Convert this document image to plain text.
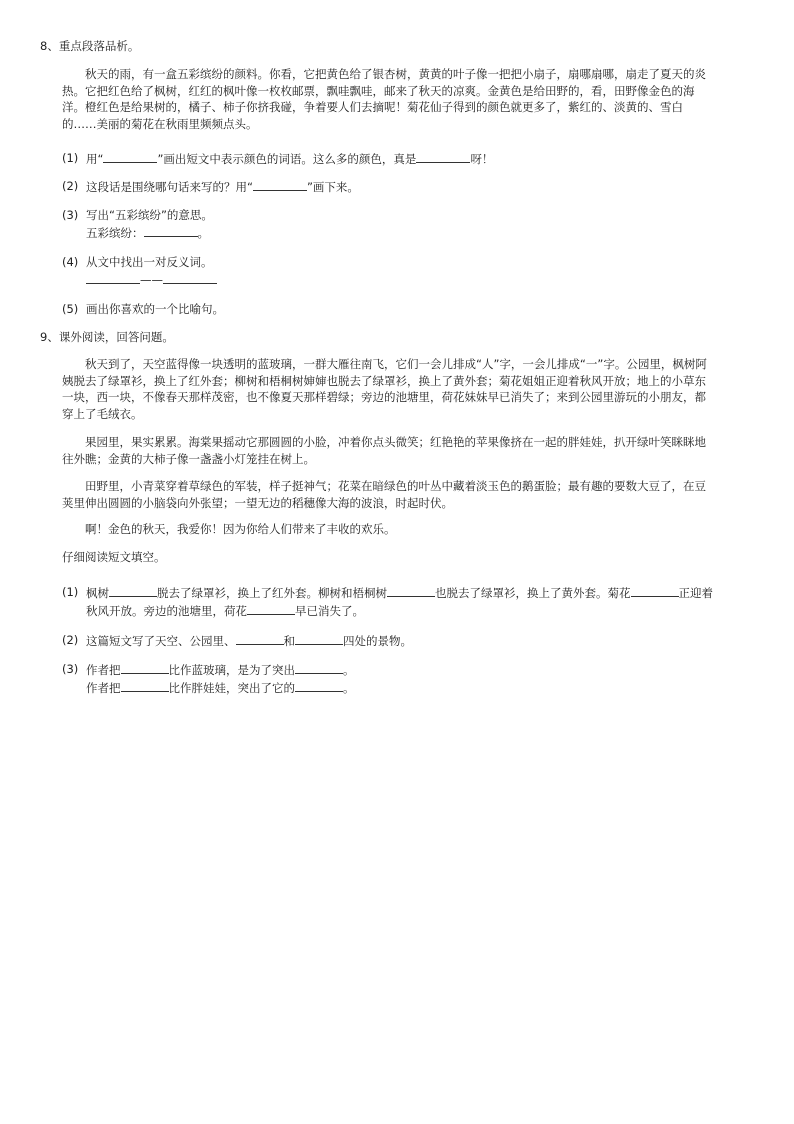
8、重点段落品析。
秋天的雨，有一盒五彩缤纷的颜料。你看，它把黄色给了银杏树，黄黄的叶子像一把把小扇子，扇哪扇哪，扇走了夏天的炎热。它把红色给了枫树，红红的枫叶像一枚枚邮票，飘哇飘哇，邮来了秋天的凉爽。金黄色是给田野的，看，田野像金色的海洋。橙红色是给果树的，橘子、柿子你挤我碰，争着要人们去摘呢！菊花仙子得到的颜色就更多了，紫红的、淡黄的、雪白的……美丽的菊花在秋雨里频频点头。
(1) 用“	”画出短文中表示颜色的词语。这么多的颜色，真是	呀！
(2) 这段话是围绕哪句话来写的？用“	”画下来。
(3) 写出“五彩缤纷”的意思。
五彩缤纷：	。
(4) 从文中找出一对反义词。
——
(5) 画出你喜欢的一个比喻句。
9、课外阅读，回答问题。
秋天到了，天空蓝得像一块透明的蓝玻璃，一群大雁往南飞，它们一会儿排成“人”字，一会儿排成“一”字。公园里，枫树阿姨脱去了绿罩衫，换上了红外套；柳树和梧桐树婶婶也脱去了绿罩衫，换上了黄外套；菊花姐姐正迎着秋风开放；地上的小草东一块，西一块，不像春天那样茂密，也不像夏天那样碧绿；旁边的池塘里，荷花妹妹早已消失了；来到公园里游玩的小朋友，都穿上了毛绒衣。
果园里，果实累累。海棠果摇动它那圆圆的小脸，冲着你点头微笑；红艳艳的苹果像挤在一起的胖娃娃，扒开绿叶笑眯眯地往外瞧；金黄的大柿子像一盏盏小灯笼挂在树上。
田野里，小青菜穿着草绿色的军装，样子挺神气；花菜在暗绿色的叶丛中藏着淡玉色的鹅蛋脸；最有趣的要数大豆了，在豆荚里伸出圆圆的小脑袋向外张望；一望无边的稻穗像大海的波浪，时起时伏。
啊！金色的秋天，我爱你！因为你给人们带来了丰收的欢乐。
仔细阅读短文填空。
(1) 枫树	脱去了绿罩衫，换上了红外套。柳树和梧桐树	也脱去了绿罩衫，换上了黄外套。菊花	正迎着秋风开放。旁边的池塘里，荷花	早已消失了。
(2) 这篇短文写了天空、公园里、	和	四处的景物。
(3) 作者把	比作蓝玻璃，是为了突出	。
作者把	比作胖娃娃，突出了它的	。
